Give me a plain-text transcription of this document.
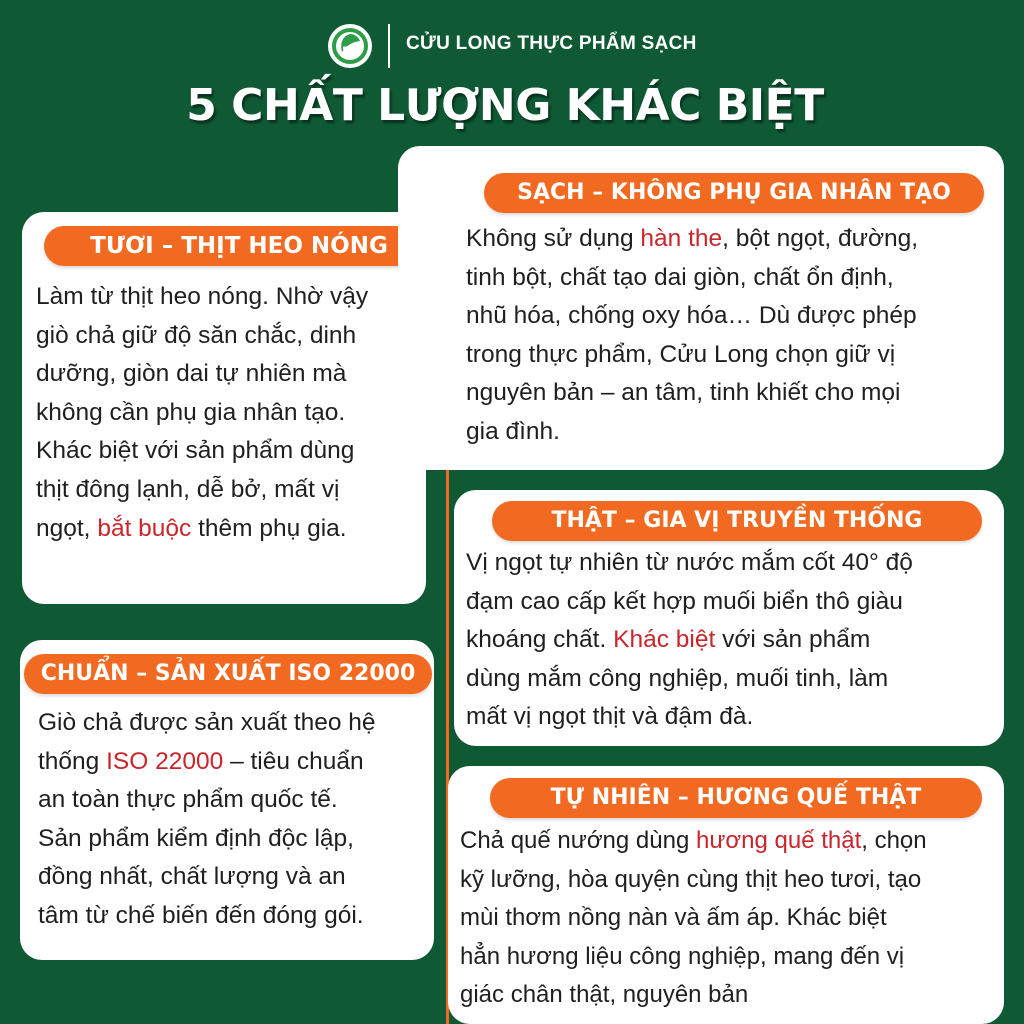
CỬU LONG THỰC PHẨM SẠCH
5 CHẤT LƯỢNG KHÁC BIỆT
Làm từ thịt heo nóng. Nhờ vậy
giò chả giữ độ săn chắc, dinh
dưỡng, giòn dai tự nhiên mà
không cần phụ gia nhân tạo.
Khác biệt với sản phẩm dùng
thịt đông lạnh, dễ bở, mất vị
ngọt, bắt buộc thêm phụ gia.
TƯƠI – THỊT HEO NÓNG
Giò chả được sản xuất theo hệ
thống ISO 22000 – tiêu chuẩn
an toàn thực phẩm quốc tế.
Sản phẩm kiểm định độc lập,
đồng nhất, chất lượng và an
tâm từ chế biến đến đóng gói.
CHUẨN – SẢN XUẤT ISO 22000
Không sử dụng hàn the, bột ngọt, đường,
tinh bột, chất tạo dai giòn, chất ổn định,
nhũ hóa, chống oxy hóa… Dù được phép
trong thực phẩm, Cửu Long chọn giữ vị
nguyên bản – an tâm, tinh khiết cho mọi
gia đình.
SẠCH – KHÔNG PHỤ GIA NHÂN TẠO
Vị ngọt tự nhiên từ nước mắm cốt 40° độ
đạm cao cấp kết hợp muối biển thô giàu
khoáng chất. Khác biệt với sản phẩm
dùng mắm công nghiệp, muối tinh, làm
mất vị ngọt thịt và đậm đà.
THẬT – GIA VỊ TRUYỀN THỐNG
Chả quế nướng dùng hương quế thật, chọn
kỹ lưỡng, hòa quyện cùng thịt heo tươi, tạo
mùi thơm nồng nàn và ấm áp. Khác biệt
hẳn hương liệu công nghiệp, mang đến vị
giác chân thật, nguyên bản
TỰ NHIÊN – HƯƠNG QUẾ THẬT
